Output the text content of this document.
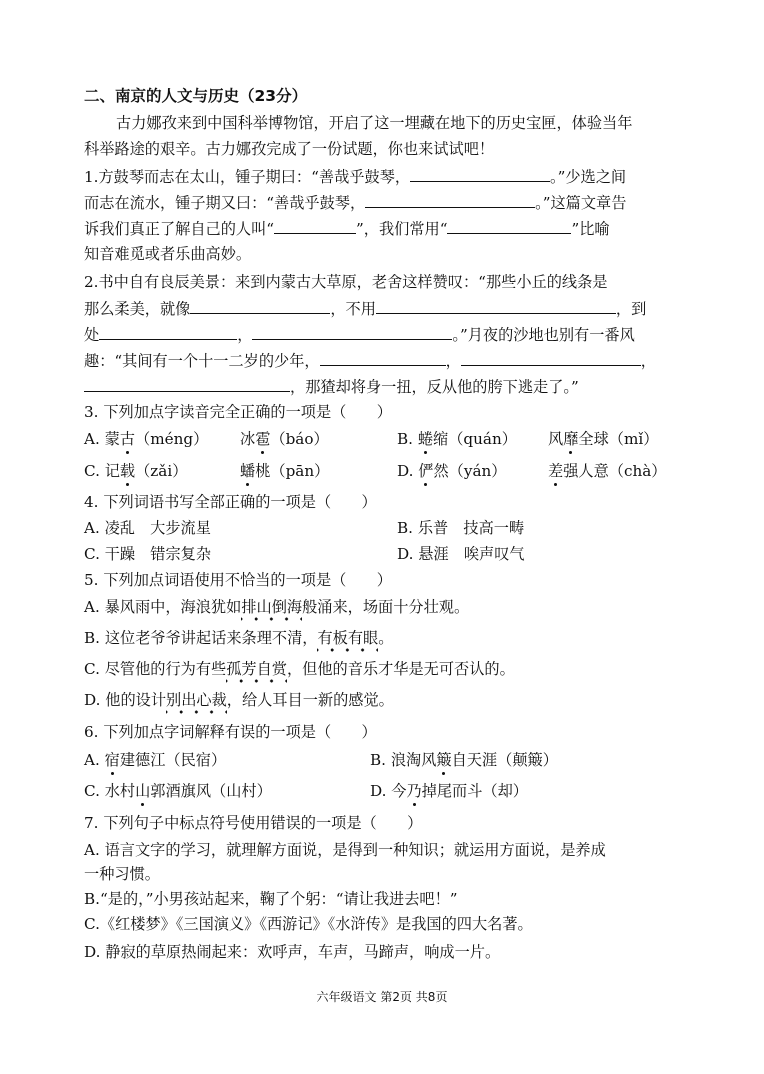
二、南京的人文与历史（23分）
古力娜孜来到中国科举博物馆，开启了这一埋藏在地下的历史宝匣，体验当年
科举路途的艰辛。古力娜孜完成了一份试题，你也来试试吧！
1.方鼓琴而志在太山，锺子期曰：“善哉乎鼓琴，	。”少选之间
而志在流水，锺子期又曰：“善哉乎鼓琴，	。”这篇文章告
诉我们真正了解自己的人叫“	”，我们常用“	”比喻
知音难觅或者乐曲高妙。
2.书中自有良辰美景：来到内蒙古大草原，老舍这样赞叹：“那些小丘的线条是
那么柔美，就像	，不用	，到
处	，	。”月夜的沙地也别有一番风
趣：“其间有一个十一二岁的少年，	，	，
，那猹却将身一扭，反从他的胯下逃走了。”
3. 下列加点字读音完全正确的一项是（　　）
A. 蒙古（méng） 冰雹（báo）	B. 蜷缩（quán） 风靡全球（mǐ）
C. 记载（zǎi）	蟠桃（pān）	D. 俨然（yán）	差强人意（chà）
4. 下列词语书写全部正确的一项是（　　）
A. 凌乱　大步流星	B. 乐普　技高一畴
C. 干躁　错宗复杂	D. 悬涯　唉声叹气
5. 下列加点词语使用不恰当的一项是（　　）
A. 暴风雨中，海浪犹如排山倒海般涌来，场面十分壮观。
B. 这位老爷爷讲起话来条理不清，有板有眼。
C. 尽管他的行为有些孤芳自赏，但他的音乐才华是无可否认的。
D. 他的设计别出心裁，给人耳目一新的感觉。
6. 下列加点字词解释有误的一项是（　　）
A. 宿建德江（民宿）	B. 浪淘风簸自天涯（颠簸）
C. 水村山郭酒旗风（山村）	D. 今乃掉尾而斗（却）
7. 下列句子中标点符号使用错误的一项是（　　）
A. 语言文字的学习，就理解方面说，是得到一种知识；就运用方面说，是养成
一种习惯。
B.“是的，”小男孩站起来，鞠了个躬：“请让我进去吧！”
C.《红楼梦》《三国演义》《西游记》《水浒传》是我国的四大名著。
D. 静寂的草原热闹起来：欢呼声，车声，马蹄声，响成一片。
六年级语文 第2页 共8页
